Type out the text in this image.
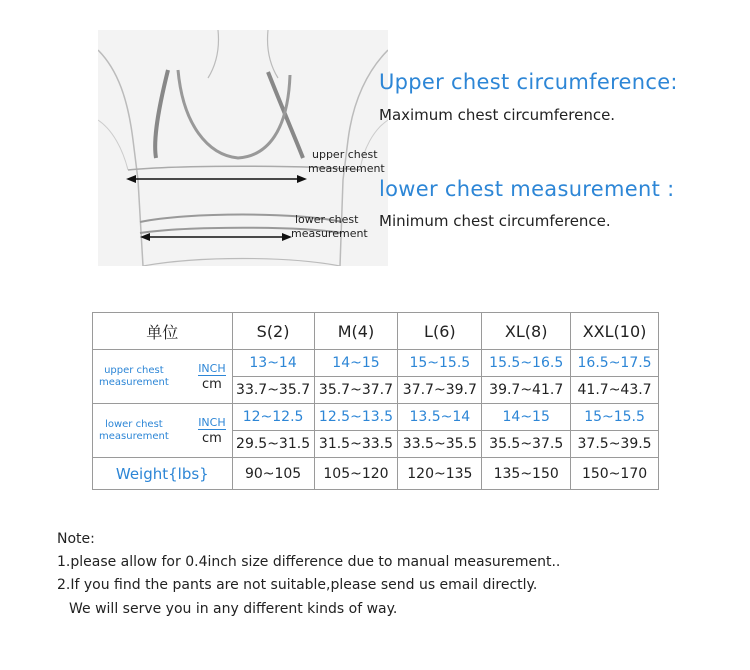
upper chest
measurement
lower chest
measurement
Upper chest circumference:
Maximum chest circumference.
lower chest measurement :
Minimum chest circumference.
单位	S(2)	M(4)	L(6)	XL(8)	XXL(10)

upper chest
measurement
INCH
cm	13~14	14~15	15~15.5	15.5~16.5	16.5~17.5
	33.7~35.7	35.7~37.7	37.7~39.7	39.7~41.7	41.7~43.7

lower chest
measurement
INCH
cm	12~12.5	12.5~13.5	13.5~14	14~15	15~15.5
	29.5~31.5	31.5~33.5	33.5~35.5	35.5~37.5	37.5~39.5
Weight{lbs}	90~105	105~120	120~135	135~150	150~170
Note:
1.please allow for 0.4inch size difference due to manual measurement..
2.If you find the pants are not suitable,please send us email directly.
We will serve you in any different kinds of way.
